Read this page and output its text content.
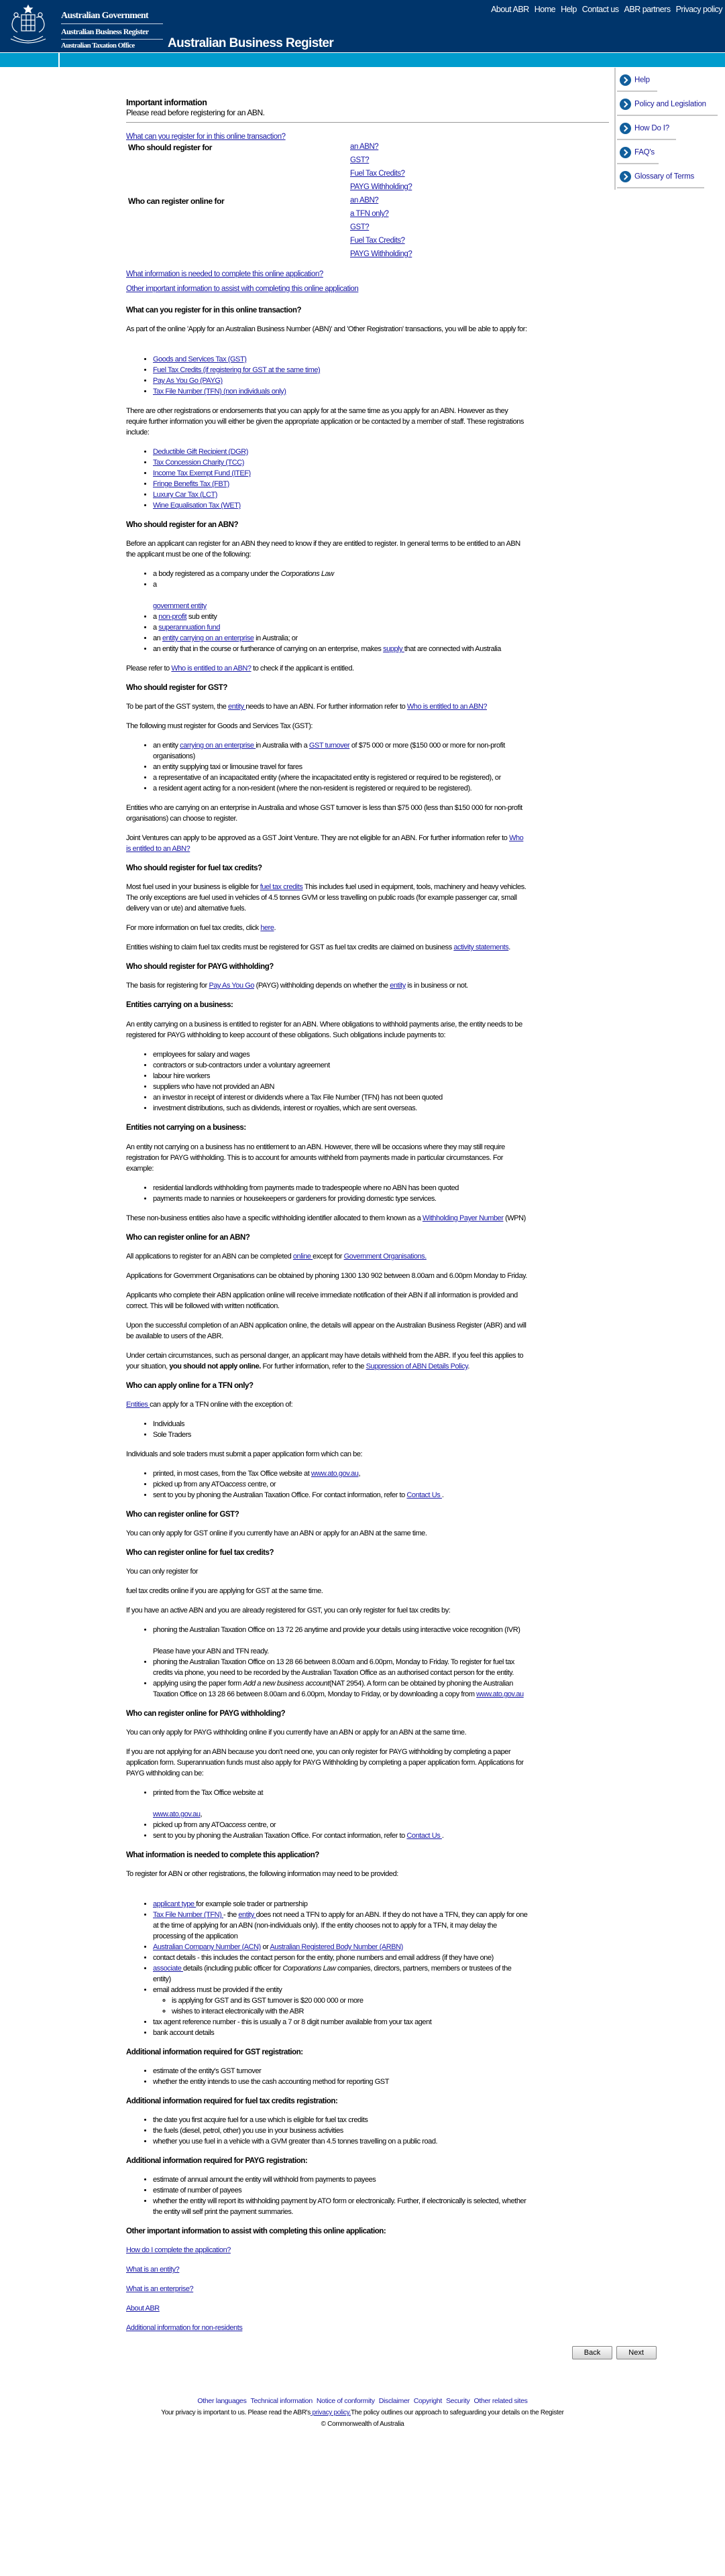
Australian Government
Australian Business Register
Australian Taxation Office	Australian Business Register
About ABR Home Help Contact us ABR partners Privacy policy
Help
Policy and Legislation
How Do I?
FAQ's
Glossary of Terms
Important information
Please read before registering for an ABN.
What can you register for in this online transaction?
Who should register for	an ABN?
	GST?
	Fuel Tax Credits?
	PAYG Withholding?
Who can register online for	an ABN?
	a TFN only?
	GST?
	Fuel Tax Credits?
	PAYG Withholding?
What information is needed to complete this online application?
Other important information to assist with completing this online application
What can you register for in this online transaction?

As part of the online 'Apply for an Australian Business Number (ABN)' and 'Other Registration' transactions, you will be able to apply for:

• Goods and Services Tax (GST)
• Fuel Tax Credits (if registering for GST at the same time)
• Pay As You Go (PAYG)
• Tax File Number (TFN) (non individuals only)

There are other registrations or endorsements that you can apply for at the same time as you apply for an ABN. However as they require further information you will either be given the appropriate application or be contacted by a member of staff. These registrations include:

• Deductible Gift Recipient (DGR)
• Tax Concession Charity (TCC)
• Income Tax Exempt Fund (ITEF)
• Fringe Benefits Tax (FBT)
• Luxury Car Tax (LCT)
• Wine Equalisation Tax (WET)
Who should register for an ABN?

Before an applicant can register for an ABN they need to know if they are entitled to register. In general terms to be entitled to an ABN the applicant must be one of the following:

• a body registered as a company under the Corporations Law
• a
government entity
• a non-profit sub entity
• a superannuation fund
• an entity carrying on an enterprise in Australia; or
• an entity that in the course or furtherance of carrying on an enterprise, makes supply that are connected with Australia

Please refer to Who is entitled to an ABN? to check if the applicant is entitled.

Who should register for GST?

To be part of the GST system, the entity needs to have an ABN. For further information refer to Who is entitled to an ABN?

The following must register for Goods and Services Tax (GST):

• an entity carrying on an enterprise in Australia with a GST turnover of $75 000 or more ($150 000 or more for non-profit organisations)
• an entity supplying taxi or limousine travel for fares
• a representative of an incapacitated entity (where the incapacitated entity is registered or required to be registered), or
• a resident agent acting for a non-resident (where the non-resident is registered or required to be registered).

Entities who are carrying on an enterprise in Australia and whose GST turnover is less than $75 000 (less than $150 000 for non-profit organisations) can choose to register.

Joint Ventures can apply to be approved as a GST Joint Venture. They are not eligible for an ABN. For further information refer to Who is entitled to an ABN?

Who should register for fuel tax credits?

Most fuel used in your business is eligible for fuel tax credits This includes fuel used in equipment, tools, machinery and heavy vehicles. The only exceptions are fuel used in vehicles of 4.5 tonnes GVM or less travelling on public roads (for example passenger car, small delivery van or ute) and alternative fuels.

For more information on fuel tax credits, click here.

Entities wishing to claim fuel tax credits must be registered for GST as fuel tax credits are claimed on business activity statements.

Who should register for PAYG withholding?

The basis for registering for Pay As You Go (PAYG) withholding depends on whether the entity is in business or not.

Entities carrying on a business:

An entity carrying on a business is entitled to register for an ABN. Where obligations to withhold payments arise, the entity needs to be registered for PAYG withholding to keep account of these obligations. Such obligations include payments to:

• employees for salary and wages
• contractors or sub-contractors under a voluntary agreement
• labour hire workers
• suppliers who have not provided an ABN
• an investor in receipt of interest or dividends where a Tax File Number (TFN) has not been quoted
• investment distributions, such as dividends, interest or royalties, which are sent overseas.
Entities not carrying on a business:

An entity not carrying on a business has no entitlement to an ABN. However, there will be occasions where they may still require registration for PAYG withholding. This is to account for amounts withheld from payments made in particular circumstances. For example:

• residential landlords withholding from payments made to tradespeople where no ABN has been quoted
• payments made to nannies or housekeepers or gardeners for providing domestic type services.

These non-business entities also have a specific withholding identifier allocated to them known as a Withholding Payer Number (WPN)

Who can register online for an ABN?

All applications to register for an ABN can be completed online except for Government Organisations.

Applications for Government Organisations can be obtained by phoning 1300 130 902 between 8.00am and 6.00pm Monday to Friday.

Applicants who complete their ABN application online will receive immediate notification of their ABN if all information is provided and correct. This will be followed with written notification.

Upon the successful completion of an ABN application online, the details will appear on the Australian Business Register (ABR) and will be available to users of the ABR.

Under certain circumstances, such as personal danger, an applicant may have details withheld from the ABR. If you feel this applies to your situation, you should not apply online. For further information, refer to the Suppression of ABN Details Policy.

Who can apply online for a TFN only?

Entities can apply for a TFN online with the exception of:

• Individuals
• Sole Traders

Individuals and sole traders must submit a paper application form which can be:

• printed, in most cases, from the Tax Office website at www.ato.gov.au,
• picked up from any ATOaccess centre, or
• sent to you by phoning the Australian Taxation Office. For contact information, refer to Contact Us .
Who can register online for GST?

You can only apply for GST online if you currently have an ABN or apply for an ABN at the same time.

Who can register online for fuel tax credits?

You can only register for

fuel tax credits online if you are applying for GST at the same time.

If you have an active ABN and you are already registered for GST, you can only register for fuel tax credits by:

• phoning the Australian Taxation Office on 13 72 26 anytime and provide your details using interactive voice recognition (IVR)
Please have your ABN and TFN ready.
• phoning the Australian Taxation Office on 13 28 66 between 8.00am and 6.00pm, Monday to Friday. To register for fuel tax credits via phone, you need to be recorded by the Australian Taxation Office as an authorised contact person for the entity.
• applying using the paper form Add a new business account(NAT 2954). A form can be obtained by phoning the Australian Taxation Office on 13 28 66 between 8.00am and 6.00pm, Monday to Friday, or by downloading a copy from www.ato.gov.au
Who can register online for PAYG withholding?

You can only apply for PAYG withholding online if you currently have an ABN or apply for an ABN at the same time.

If you are not applying for an ABN because you don't need one, you can only register for PAYG withholding by completing a paper application form. Superannuation funds must also apply for PAYG Withholding by completing a paper application form. Applications for PAYG withholding can be:

• printed from the Tax Office website at
www.ato.gov.au,
• picked up from any ATOaccess centre, or
• sent to you by phoning the Australian Taxation Office. For contact information, refer to Contact Us .
What information is needed to complete this application?

To register for ABN or other registrations, the following information may need to be provided:

• applicant type for example sole trader or partnership
• Tax File Number (TFN) - the entity does not need a TFN to apply for an ABN. If they do not have a TFN, they can apply for one at the time of applying for an ABN (non-individuals only). If the entity chooses not to apply for a TFN, it may delay the processing of the application
• Australian Company Number (ACN) or Australian Registered Body Number (ARBN)
• contact details - this includes the contact person for the entity, phone numbers and email address (if they have one)
• associate details (including public officer for Corporations Law companies, directors, partners, members or trustees of the entity)
• email address must be provided if the entity
◦ is applying for GST and its GST turnover is $20 000 000 or more
◦ wishes to interact electronically with the ABR
• tax agent reference number - this is usually a 7 or 8 digit number available from your tax agent
• bank account details
Additional information required for GST registration:
• estimate of the entity's GST turnover
• whether the entity intends to use the cash accounting method for reporting GST
Additional information required for fuel tax credits registration:
• the date you first acquire fuel for a use which is eligible for fuel tax credits
• the fuels (diesel, petrol, other) you use in your business activities
• whether you use fuel in a vehicle with a GVM greater than 4.5 tonnes travelling on a public road.
Additional information required for PAYG registration:
• estimate of annual amount the entity will withhold from payments to payees
• estimate of number of payees
• whether the entity will report its withholding payment by ATO form or electronically. Further, if electronically is selected, whether the entity will self print the payment summaries.
Other important information to assist with completing this online application:

How do I complete the application?

What is an entity?

What is an enterprise?

About ABR

Additional information for non-residents

Back	Next
Other languages Technical information Notice of conformity Disclaimer Copyright Security Other related sites
Your privacy is important to us. Please read the ABR's privacy policy.The policy outlines our approach to safeguarding your details on the Register
© Commonwealth of Australia
